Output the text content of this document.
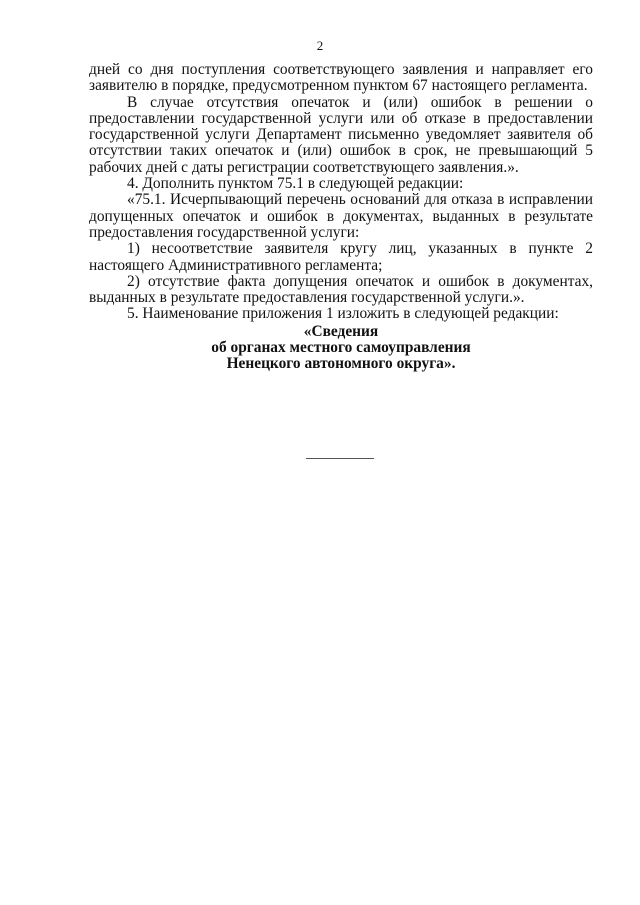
2

дней со дня поступления соответствующего заявления и направляет его заявителю в порядке, предусмотренном пунктом 67 настоящего регламента.

В случае отсутствия опечаток и (или) ошибок в решении о предоставлении государственной услуги или об отказе в предоставлении государственной услуги Департамент письменно уведомляет заявителя об отсутствии таких опечаток и (или) ошибок в срок, не превышающий 5 рабочих дней с даты регистрации соответствующего заявления.».

4. Дополнить пунктом 75.1 в следующей редакции:

«75.1. Исчерпывающий перечень оснований для отказа в исправлении допущенных опечаток и ошибок в документах, выданных в результате предоставления государственной услуги:

1) несоответствие заявителя кругу лиц, указанных в пункте 2 настоящего Административного регламента;

2) отсутствие факта допущения опечаток и ошибок в документах, выданных в результате предоставления государственной услуги.».

5. Наименование приложения 1 изложить в следующей редакции:

«Сведения
об органах местного самоуправления
Ненецкого автономного округа».
